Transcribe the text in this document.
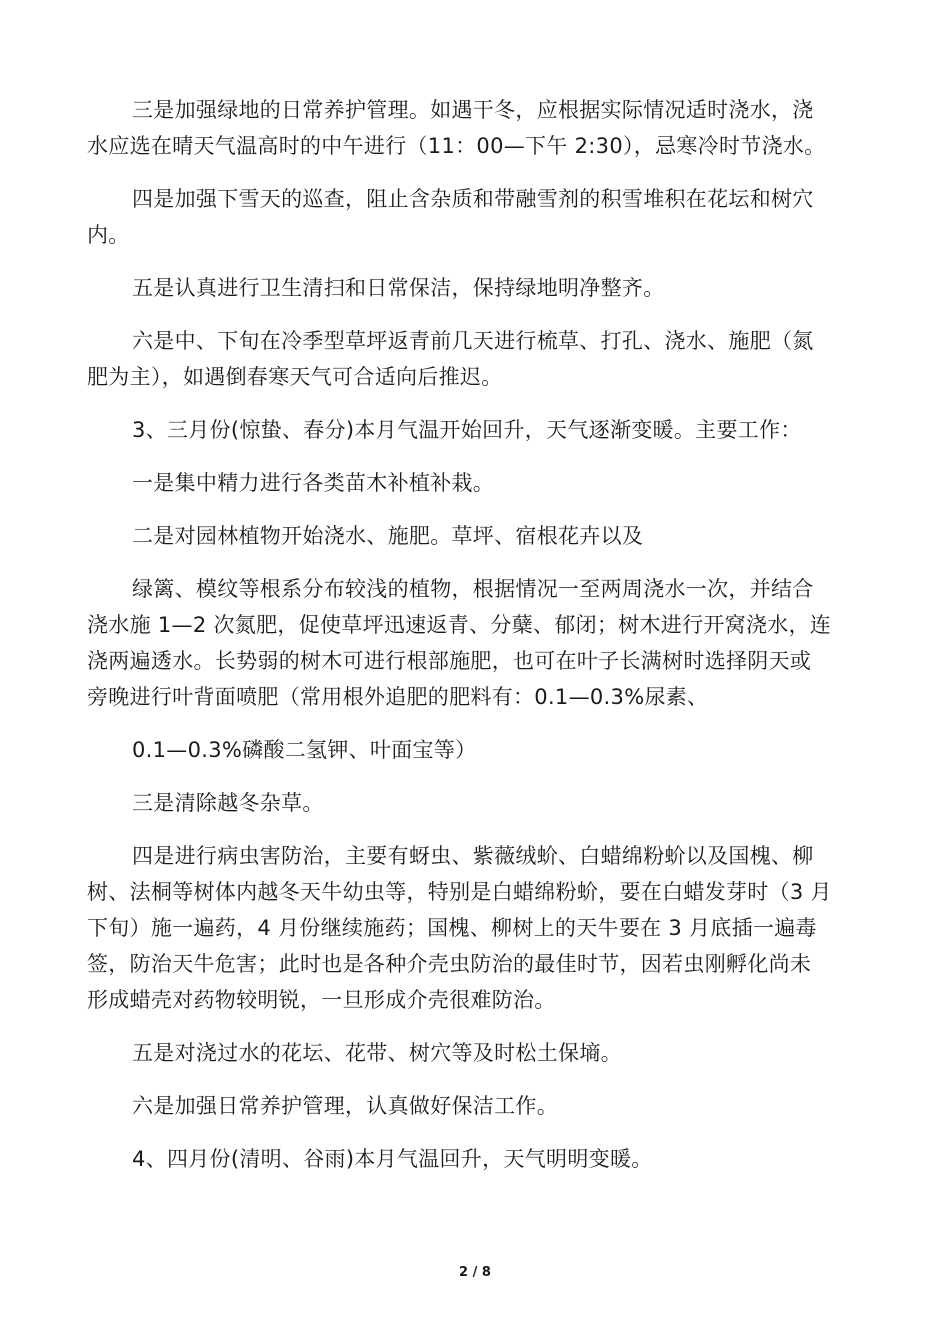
三是加强绿地的日常养护管理。如遇干冬，应根据实际情况适时浇水，浇
水应选在晴天气温高时的中午进行（11：00—下午 2:30），忌寒冷时节浇水。
四是加强下雪天的巡查，阻止含杂质和带融雪剂的积雪堆积在花坛和树穴
内。
五是认真进行卫生清扫和日常保洁，保持绿地明净整齐。
六是中、下旬在冷季型草坪返青前几天进行梳草、打孔、浇水、施肥（氮
肥为主），如遇倒春寒天气可合适向后推迟。
3、三月份(惊蛰、春分)本月气温开始回升，天气逐渐变暖。主要工作：
一是集中精力进行各类苗木补植补栽。
二是对园林植物开始浇水、施肥。草坪、宿根花卉以及
绿篱、模纹等根系分布较浅的植物，根据情况一至两周浇水一次，并结合
浇水施 1—2 次氮肥，促使草坪迅速返青、分蘖、郁闭；树木进行开窝浇水，连
浇两遍透水。长势弱的树木可进行根部施肥，也可在叶子长满树时选择阴天或
旁晚进行叶背面喷肥（常用根外追肥的肥料有：0.1—0.3%尿素、
0.1—0.3%磷酸二氢钾、叶面宝等）
三是清除越冬杂草。
四是进行病虫害防治，主要有蚜虫、紫薇绒蚧、白蜡绵粉蚧以及国槐、柳
树、法桐等树体内越冬天牛幼虫等，特别是白蜡绵粉蚧，要在白蜡发芽时（3 月
下旬）施一遍药，4 月份继续施药；国槐、柳树上的天牛要在 3 月底插一遍毒
签，防治天牛危害；此时也是各种介壳虫防治的最佳时节，因若虫刚孵化尚未
形成蜡壳对药物较明锐，一旦形成介壳很难防治。
五是对浇过水的花坛、花带、树穴等及时松土保墒。
六是加强日常养护管理，认真做好保洁工作。
4、四月份(清明、谷雨)本月气温回升，天气明明变暖。
2 / 8
